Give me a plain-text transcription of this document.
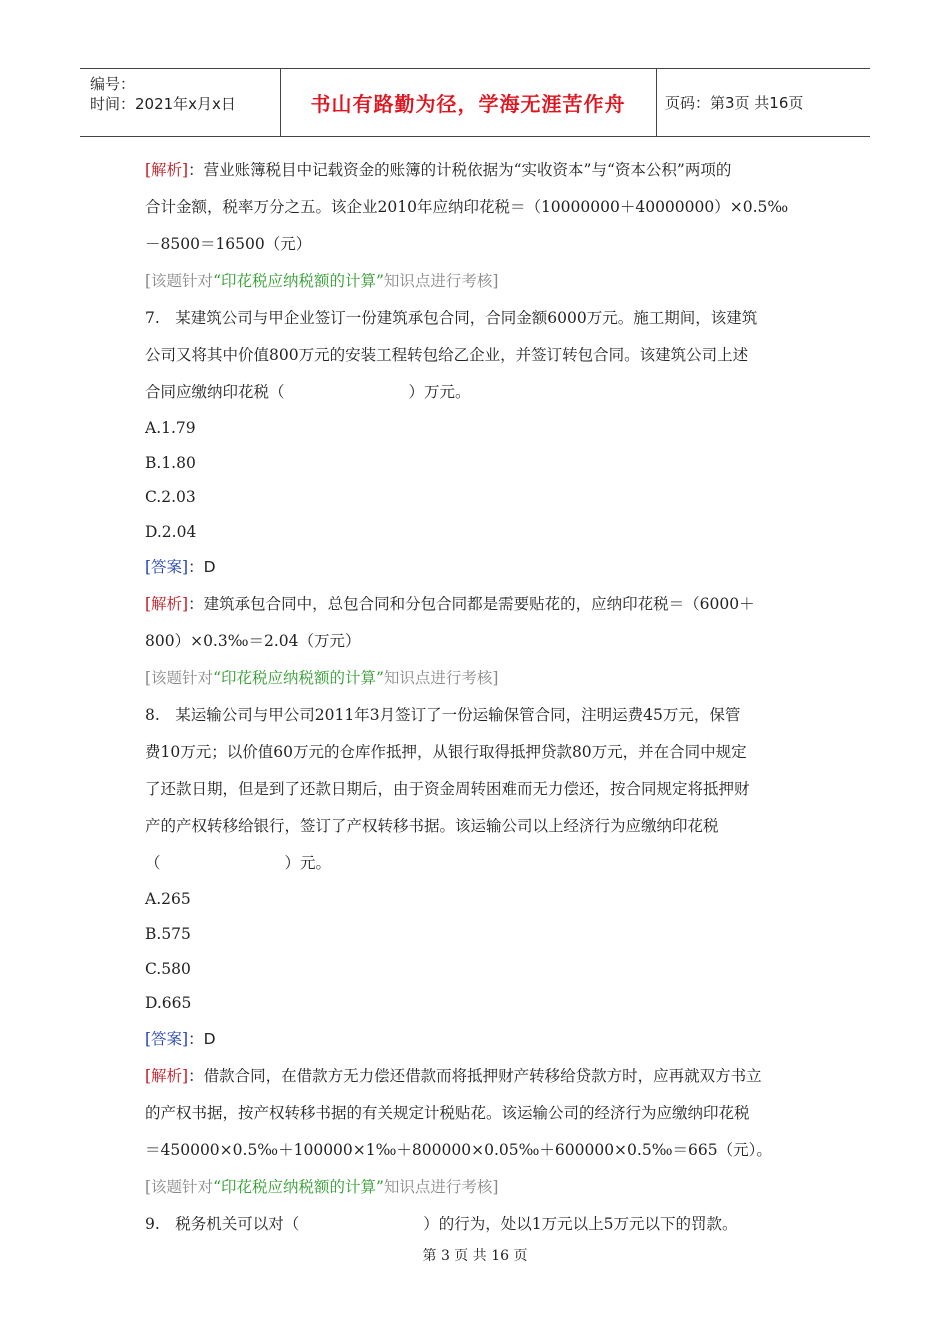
编号：
时间：2021年x月x日	书山有路勤为径，学海无涯苦作舟	页码：第3页 共16页
[解析]：营业账簿税目中记载资金的账簿的计税依据为“实收资本”与“资本公积”两项的
合计金额，税率万分之五。该企业2010年应纳印花税＝（10000000＋40000000）×0.5‰
－8500＝16500（元）
[该题针对“印花税应纳税额的计算”知识点进行考核]
7.　某建筑公司与甲企业签订一份建筑承包合同，合同金额6000万元。施工期间，该建筑
公司又将其中价值800万元的安装工程转包给乙企业，并签订转包合同。该建筑公司上述
合同应缴纳印花税（　　　　　　　　）万元。
A.1.79
B.1.80
C.2.03
D.2.04
[答案]：D
[解析]：建筑承包合同中，总包合同和分包合同都是需要贴花的，应纳印花税＝（6000＋
800）×0.3‰＝2.04（万元）
[该题针对“印花税应纳税额的计算”知识点进行考核]
8.　某运输公司与甲公司2011年3月签订了一份运输保管合同，注明运费45万元，保管
费10万元；以价值60万元的仓库作抵押，从银行取得抵押贷款80万元，并在合同中规定
了还款日期，但是到了还款日期后，由于资金周转困难而无力偿还，按合同规定将抵押财
产的产权转移给银行，签订了产权转移书据。该运输公司以上经济行为应缴纳印花税
（　　　　　　　　）元。
A.265
B.575
C.580
D.665
[答案]：D
[解析]：借款合同，在借款方无力偿还借款而将抵押财产转移给贷款方时，应再就双方书立
的产权书据，按产权转移书据的有关规定计税贴花。该运输公司的经济行为应缴纳印花税
＝450000×0.5‰＋100000×1‰＋800000×0.05‰＋600000×0.5‰＝665（元）。
[该题针对“印花税应纳税额的计算”知识点进行考核]
9.　税务机关可以对（　　　　　　　　）的行为，处以1万元以上5万元以下的罚款。
第 3 页 共 16 页
